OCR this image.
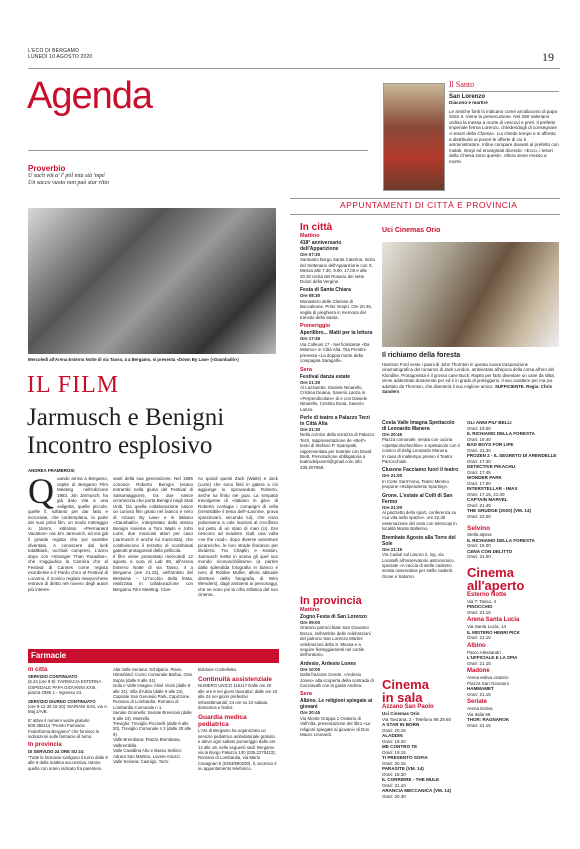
L'ECO DI BERGAMO
LUNEDÌ 10 AGOSTO 2020	19
Agenda
Proverbio
Ü sach vöt a' l' pöl mia stà 'mpé
Un sacco vuoto non può star ritto
Il Santo
San Lorenzo
Diacono e martire
Le antiche fonti lo indicano come arcidiacono di papa Sisto II. Viene la persecuzione. Nel 258 Valeriano ordina la messa a morte di vescovi e preti. Il prefetto imperiale ferma Lorenzo, chiedendogli di consegnare «i tesori della Chiesa». Lui chiede tempo e si affretta a distribuire ai poveri le offerte di cui è amministratore. Infine compare davanti al prefetto con malati, storpi ed emarginati dicendo: «Ecco, i tesori della Chiesa sono questi». Allora viene messo a morte.
Mercoledì all'Arena Esterno Notte di via Tasso, 4 a Bergamo, si presenta «Down By Law» («Daunbailò»)
IL FILM
Jarmusch e Benigni Incontro esplosivo
ANDREA FRAMBROSI
Quando arriva a Bergamo, ospite di Bergamo Film Meeting nell'edizione 1983, Jim Jarmusch, ha già dato vita a una valigetta, quelle piccole, quelle lì, soltanto per dar fatto e incrociate, che contemplano, la parte dei suoi primi film, un modo metraggio in 16mm, intitolato «Permanent Vacation» ora Jim Jarmusch, ed era già il grande regista che poi sarebbe diventato. A conoscere dal look totalBlack, occhiali compresi. L'anno dopo con «Stranger Than Paradise», che s'aggiudica la Caméra d'or al Festival di Cannes come regista esordiente e il Pardo d'oro al Festival di Locarno, il Iconico regista newyorchese entrava di diritto nel novero degli autori più interes-
santi della sua generazione. Nel 1986 conosce Roberto Benigni (erano entrambi nella giuria del Festival di Salsomaggiore), tra due nasce un'amicizia che porta Benigni negli Stati Uniti. Da quella collaborazione nasce un curioso film girato nel bianco e nero di «Down By Law» e in italiano «Daunbailò», interpretato dallo stesso Benigni insieme a Tom Waits e John Lurie, due musicisti attori per caso (Jarmusch è anche lui musicista), che costituiscono il terzetto di scombinati galeotti protagonisti della pellicola.
Il film viene presentato mercoledì 12 agosto a cura di Lab 80, all'Arena Esterno Notte di via Tasso, 4 a Bergamo (ore 21.15), nell'ambito del Bestview – Un'occhio della festa, realizzata in collaborazione con Bergamo Film Meeting. Cloe-
no quindi questi Zack (Waits) e Jack (Lurie) che sono finiti in galera a ciò aggiunge lo sprovveduto Roberto, anche lui finito nei guai. La simpatia travolgente di «italiano in gito» di Roberto contagia i compagni di cella (irresistibile il tema dell'«Lacrime, prova sprecinvani, seconda lui), che sono pulseranno a cole inazioni al crocifisso sul petto di un stato di mari (ci). Ere riescono ad evadere. Dall, una volta «se the road», dopo diverse avventure picaresche, le loro strade finiranno per dividersi. Tra Chaplin e Keaton, Jarmusch mette in scena gli quel suo mondo riconoscibilissimo (a partire dalla splendida fotografia in bianco e nero di Robbie Muller, allora abituale direttore della fotografia di Wim Wenders), dagli ambienti ai personaggi, che ne sono poi la cifra stilistica del suo cinema.
Farmacie
In città
SERVIZIO CONTINUATO
(8.24 (ore 9-9): FARMACIA ESTERNA OSPEDALE PAPA GIOVANNI XXIII, piazza OMS 1 - ingresso 24.
SERVIZIO DIURNO CONTINUATO
(ore 9-12.30 15-20): MARIANI SAS, via A. Maj 2/A/B.
E' attivo il numero verde gratuito 800.356114 "Pronto Farmacie Federfarma Bergamo" che fornisce le indicazioni sulle farmacie di turno.
In provincia
DI SERVIZIO 24 ORE SU 24:
"Tutte le farmacie svolgono il turno dalle 9 alle 9 della mattina successiva, tranne quella con orario indicato fra parentesi.
Alta Valle Seriana: Schilpario. Piario
Hinterland: Curno Comunale Barbui, Osio Sopra (dalle 9 alle 24).
Isola e Valle Imagna: Almè Vicini (dalle 9 alle 24), Villa d'Adda (dalle 9 alle 24), Capriate San Gervasio Park, Capizzone.
Romano di Lombardia: Romano di Lombardia Comunale n 1.
Seriate Grumello: Seriate Bresciani (dalle 9 alle 24), Montello.
Treviglio: Treviglio Piccinelli (dalle 9 alle 20), Treviglio Comunale n 3 (dalle 20 alle 9).
Valle Brembana: Piazza Brembana, Valbrembilla.
Valle Cavallina Alto e Basso Sebino: Adrara San Martino, Lovere Ariuzzi.
Valle Seriana: Casnigo, Torre
Boldone Corbelletta.
Continuità assistenziale
NUMERO UNICO 116117 Dalle ore 20 alle ore 8 nei giorni lavorativi; dalle ore 10 alle 24 nei giorni prefestivi infrasettimanali; 24 ore su 24 sabato, domenica e festivi.
Guardia medica pediatrica
L'Ats di Bergamo ha organizzato un servizio pediatrico ambulatoriale gratuito e attivo ogni sabato pomeriggio dalle ore 14 alle 19, nelle seguenti sedi: Bergamo via la Borgo Palazzo 130 (035.2270423); Romano di Lombardia, via Mario Cavagnari 5 (0363/990200). Il, accesso è su appuntamento telefonico.
APPUNTAMENTI DI CITTÀ E PROVINCIA
In città
Mattino
418° anniversario dell'Apparizione
Ore 07:30
Santuario Borgo Santa Caterina. Inizio del Settenario dell'Apparizione con S. Messa alle 7.30, 9.00, 17.00 e alle 20.30 recita del Rosario dei sette Dolori della Vergine.
Festa di Santa Chiara
Ore 08:30
Monastero delle Clarisse di Boccaleone. Primi Vespri. Ore 20.45, veglia di preghiera in memoria del transito della Santa.
Pomeriggio
Aperilibro... Matti per la lettura
Ore 17:45
Via Colleoni 17 - Nel fioristante «Da Mimmo» in Città Alta. Tita Prestini presenta «La doppia morte della compagna Saragolli».
Sera
Festival danza estate
Ore 21:30
Al Lazzaretto. Daniele Ninarello, Cristina Deiana, Saverio Lanza in «Perpendicolare» di e con Daniele Ninarello, Cristina Donà, Saverio Lanza.
Perle di teatro a Palazzo Terzi in Città Alta
Ore 21:30
Nella cornice della terrazza di Palazzo Terzi, rappresentazione de «Bell'» testo di Stefano P. Spampatti, rappresentata per teatrale con David Brett. Prenotazione obbligatoria a teatrodeipoveri@gmail.com info 335.207659.
In provincia
Mattino
Zogno Festa di San Lorenzo
Ore 09:00
Oratorio parrocchiale San Giovanni Bosco, nell'ambito delle celebrazioni del patrono San Lorenzo Martire celebrazioni della S. Messa e a seguire festeggiamenti nel cortile dell'oratorio.
Ardesio, Ardesio Lones
Ore 10:00
Dalla frazione Cerete. «Ardesio Jones» alla scoperta della contrada di Cacciavalli con la guida Andrea.
Sera
Albino. Le religioni spiegate ai giovani
Ore 20:45
Via Monte Grappa 1 Oratorio di Vall'Alta, presentazione del libro «Le religioni spiegate ai giovani» di Don Mauro Leonardi.
Uci Cinemas Orio
Il richiamo della foresta
Harrison Ford veste i panni di John Thornton in questa nuova trasposizione cinematografica del romanzo di Jack London, ambientato all'epoca della corsa all'oro del Klondike. Protagonista è il grosso cane Buck. Rapito per farlo diventare un cane da slitta, viene addestrato duramente per ed è in grado di proteggersi. Il suo carattere per ma poi adottato da Thornton, che diventerà il suo migliore amico. SUFFICIENTE. Regia: Chris Sanders
Costa Valle Imagna Spettacolo di Leonardo Manera
Ore 20:45
Piazza comunale, serata con cucina «spettacolochechite» e spettacolo con il comico di Zelig Leonardo Manera.
In caso di maltempo presso il Teatro Parrocchiale.
Clusone Facciamo fuori il teatro
Ore 21:00
In Corte Sant'Anna, Teatro Minimo propone «Indipendente Sporting».
Grone. L'estate al Colli di San Fermo
Ore 21:00
Al piazzetto dello sport, conferenza su «La vita nello spazio». ore 22.30 osservazione del cielo con telescopi in località Monte Ballerino.
Brembate Agosto alla Torre del Sole
Ore 21:15
Via Caduti sul Lavoro 2, ing. via Locatelli all'osservatorio astronomico, speciale «A caccia di stelle cadenti» serata osservativa per stelle cadenti. Giove e Saturno.
Cinema
in sala
Azzano San Paolo
Uci Cinemas Orio
Via Toscana, 2 - Telefono 89.29.60
A STAR IN BORN
Orari: 20.15
ALADDIN
Orari: 19.20
ME CONTRO TE
Orari: 19.15
TI PRESENTO SOFIA
Orari: 20.15
PARASITE (VM. 14)
Orari: 18.30
IL CORRIERE - THE MULE
Orari: 21.10
ARANCIA MECCANICA (VM. 14)
Orari: 20.30
GLI ANNI PIU' BELLI
Orari: 19.00
IL RICHIAMO DELLA FORESTA
Orari: 19.40
BAD BOYS FOR LIFE
Orari: 21.30
FROZEN 2 - IL SEGRETO DI ARENDELLE
Orari: 17.30
DETECTIVE PIKACHU
Orari: 17.45
WONDER PARK
Orari: 17.00
INTERSTELLAR - IMAX
Orari: 17.15, 21.00
CAPTAIN MARVEL
Orari: 21.45
THE GRUDGE (2020) (VM. 14)
Orari: 22.00
Selvino
Stella alpina
IL RICHIAMO DELLA FORESTA
Orari: 16.00
CENA CON DELITTO
Orari: 21.00
Cinema
all'aperto
Esterno Notte
Via T. Tasso, 4
PINOCCHIO
Orari: 21.15
Arena Santa Lucia
Via Santa Lucia, 14
IL MISTERO HENRI PICK
Orari: 21.15
Albino
Parco Alessandri
L'UFFICIALE E LA SPIA
Orari: 21.15
Madone
Arena estiva oratorio
Piazza San Giovanni
HAMMAMET
Orari: 21.15
Seriate
Arena Estiva
Via Italia 58
THOR: RAGNAROK
Orari: 21.15
